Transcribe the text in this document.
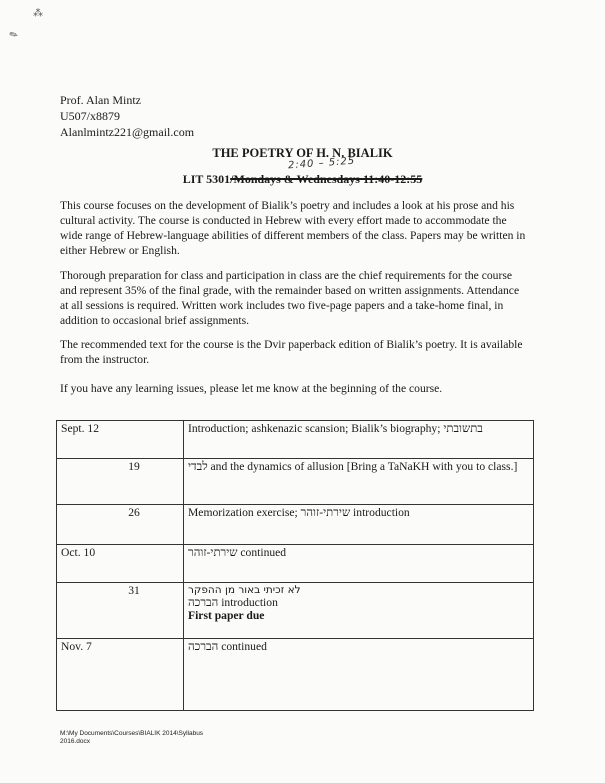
⁂
✎
Prof. Alan Mintz
U507/x8879
Alanlmintz221@gmail.com
THE POETRY OF H. N. BIALIK
2:40 – 5:25
LIT 5301/Mondays & Wednesdays 11:40-12:55
This course focuses on the development of Bialik’s poetry and includes a look at his prose and his cultural activity. The course is conducted in Hebrew with every effort made to accommodate the wide range of Hebrew-language abilities of different members of the class. Papers may be written in either Hebrew or English.
Thorough preparation for class and participation in class are the chief requirements for the course and represent 35% of the final grade, with the remainder based on written assignments. Attendance at all sessions is required. Written work includes two five-page papers and a take-home final, in addition to occasional brief assignments.
The recommended text for the course is the Dvir paperback edition of Bialik’s poetry. It is available from the instructor.
If you have any learning issues, please let me know at the beginning of the course.
Sept. 12	Introduction; ashkenazic scansion; Bialik’s biography; בתשובתי

19	לבדי and the dynamics of allusion [Bring a TaNaKH with you to class.]

26	Memorization exercise; שירתי-זוהר introduction

Oct. 10	שירתי-זוהר continued

31	לא זכיתי באור מן ההפקר
הברכה introduction
First paper due

Nov. 7	הברכה continued
M:\My Documents\Courses\BIALIK 2014\Syllabus
2016.docx
